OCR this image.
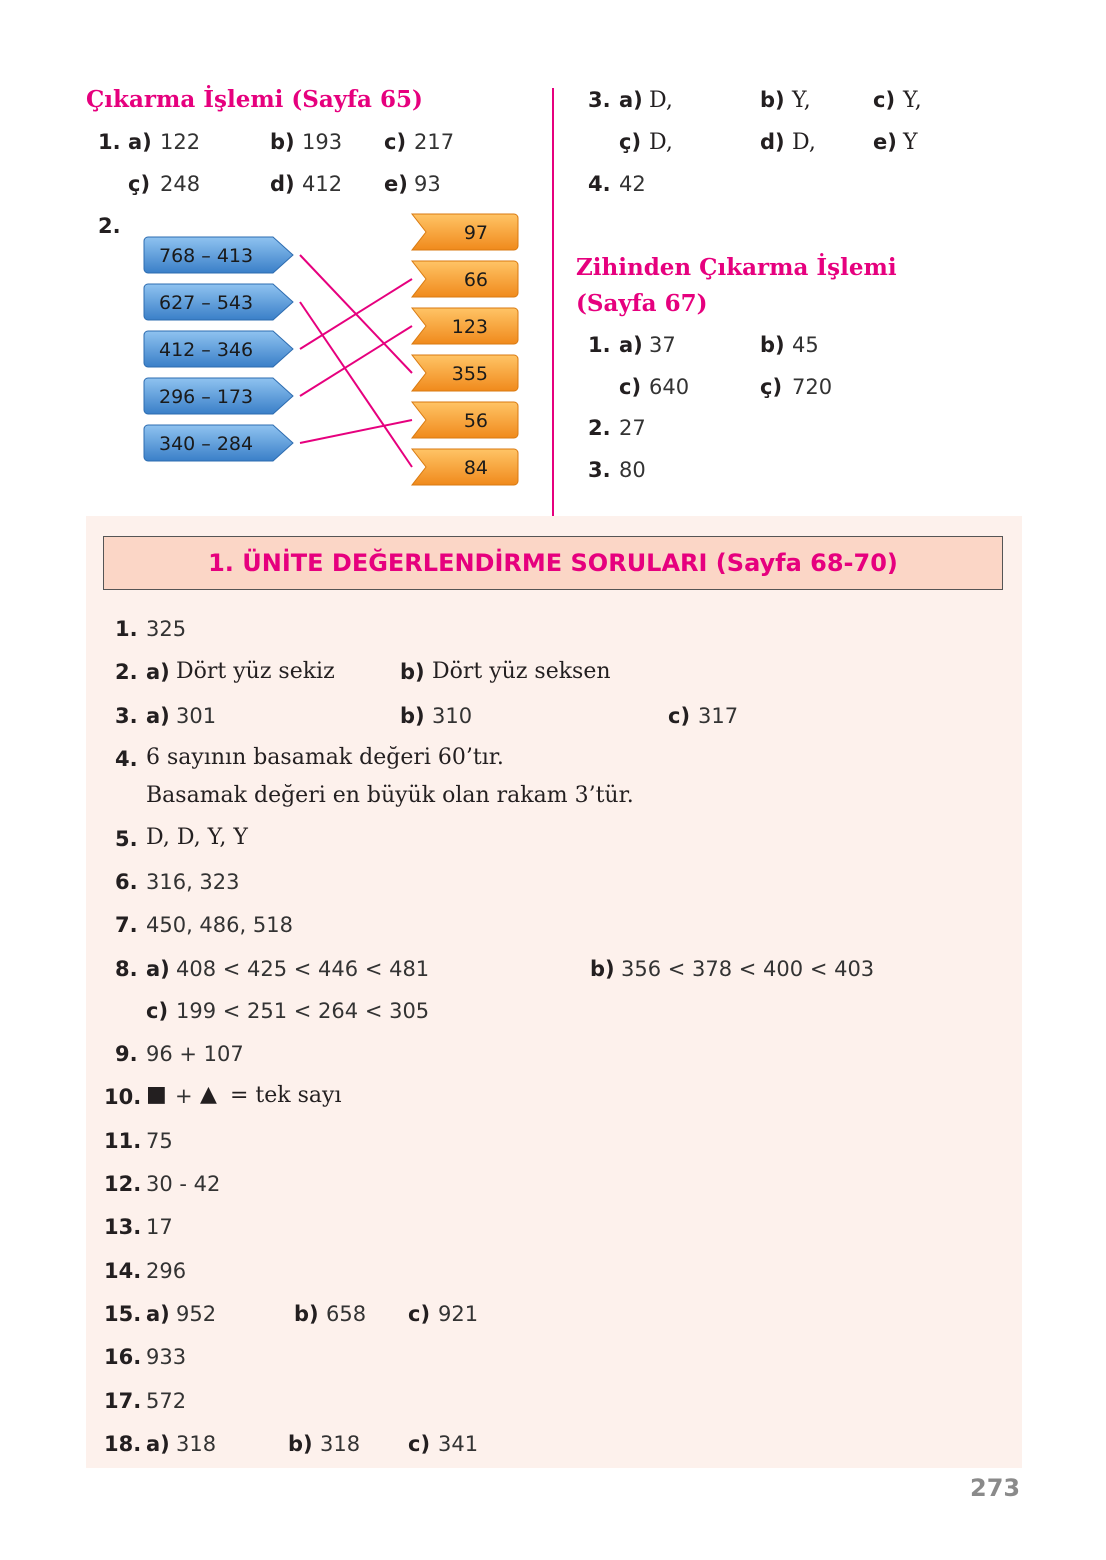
Çıkarma İşlemi (Sayfa 65)
1. a) 122	b) 193 c) 217
ç) 248	d) 412 e) 93
2.
768 – 413
627 – 543
412 – 346
296 – 173
340 – 284
97
66
123
355
56
84
3. a) D,	b) Y,	c) Y,
ç) D,	d) D,	e) Y
4. 42
Zihinden Çıkarma İşlemi
(Sayfa 67)
1. a) 37	b) 45
c) 640	ç) 720
2. 27
3. 80
1. ÜNİTE DEĞERLENDİRME SORULARI (Sayfa 68-70)
1. 325
2. a) Dört yüz sekiz	b) Dört yüz seksen
3. a) 301	b) 310	c) 317
4. 6 sayının basamak değeri 60’tır.
Basamak değeri en büyük olan rakam 3’tür.
5. D, D, Y, Y
6. 316, 323
7. 450, 486, 518
8. a) 408 < 425 < 446 < 481	b) 356 < 378 < 400 < 403
c) 199 < 251 < 264 < 305
9. 96 + 107
10. ■ + ▲ = tek sayı
11. 75
12. 30 - 42
13. 17
14. 296
15. a) 952	b) 658 c) 921
16. 933
17. 572
18. a) 318	b) 318 c) 341
273
